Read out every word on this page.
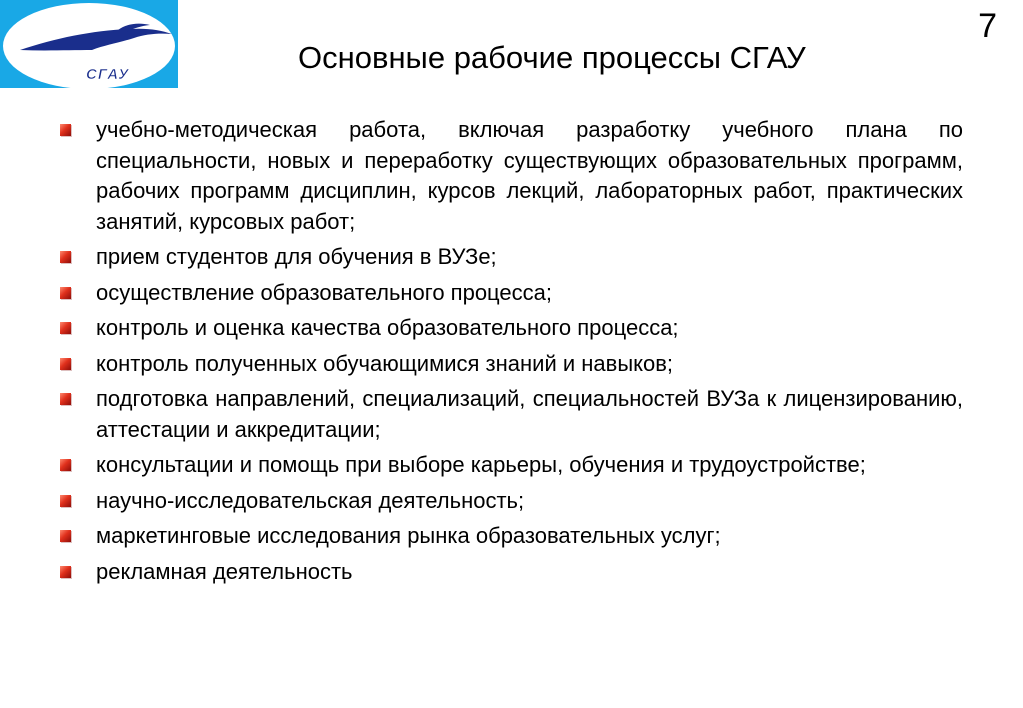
СГАУ
7
Основные рабочие процессы СГАУ
учебно-методическая работа, включая разработку учебного плана по специальности, новых и переработку существующих образовательных программ, рабочих программ дисциплин, курсов лекций, лабораторных работ, практических занятий, курсовых работ;
прием студентов для обучения в ВУЗе;
осуществление образовательного процесса;
контроль и оценка качества образовательного процесса;
контроль полученных обучающимися знаний и навыков;
подготовка направлений, специализаций, специальностей ВУЗа к лицензированию, аттестации и аккредитации;
консультации и помощь при выборе карьеры, обучения и трудоустройстве;
научно-исследовательская деятельность;
маркетинговые исследования рынка образовательных услуг;
рекламная деятельность
